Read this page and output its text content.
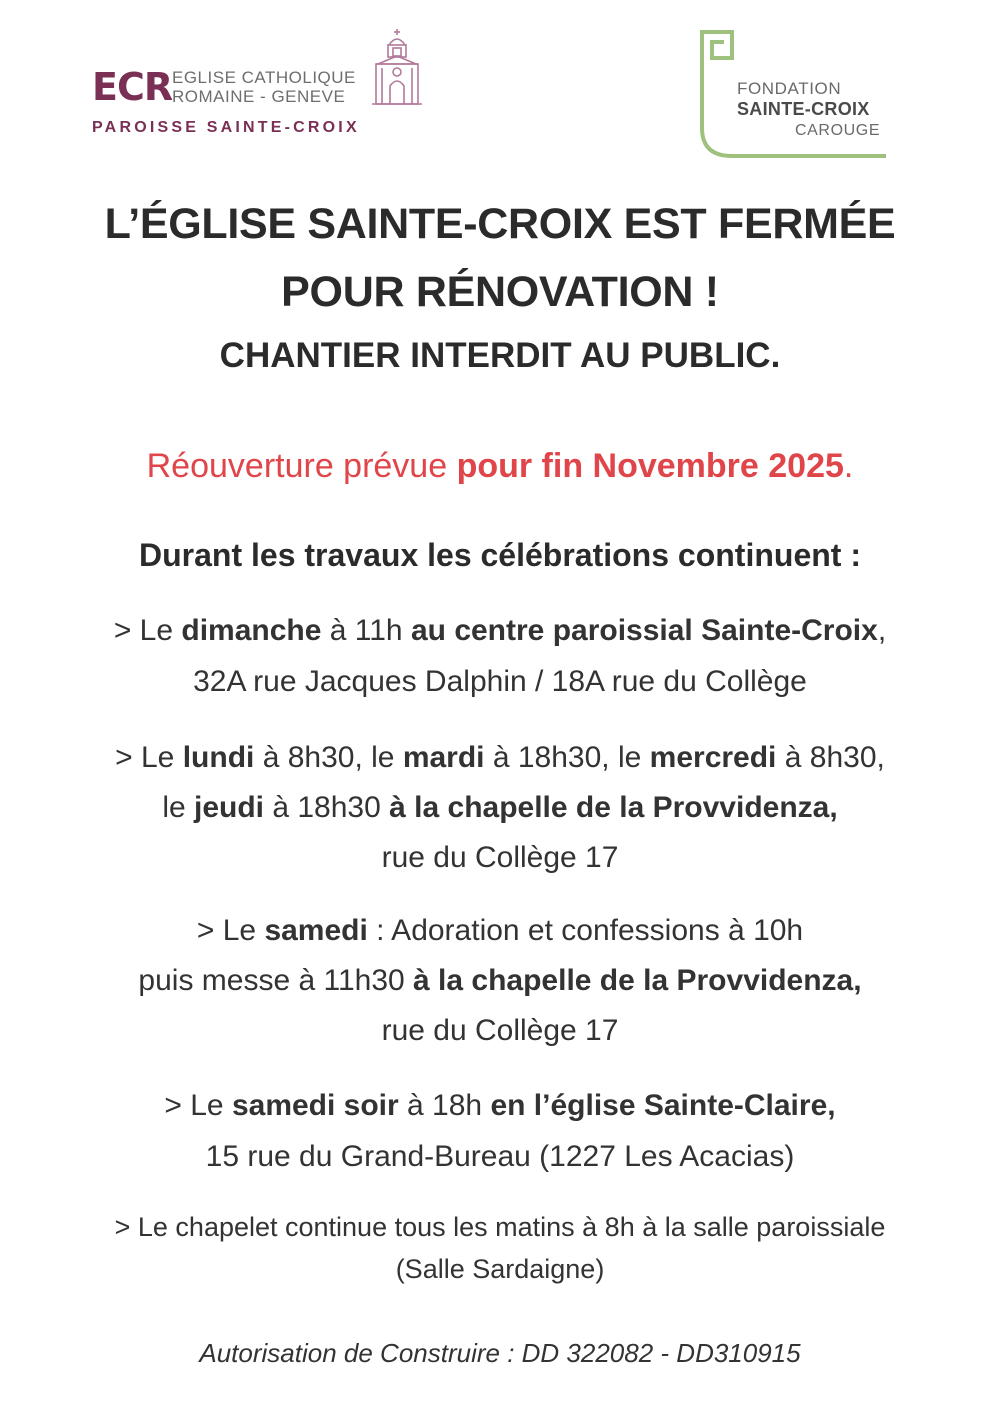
ECR EGLISE CATHOLIQUE
ROMAINE - GENEVE
PAROISSE SAINTE-CROIX
FONDATION
SAINTE-CROIX
CAROUGE
L’ÉGLISE SAINTE-CROIX EST FERMÉE
POUR RÉNOVATION !
CHANTIER INTERDIT AU PUBLIC.
Réouverture prévue pour fin Novembre 2025.
Durant les travaux les célébrations continuent :
> Le dimanche à 11h au centre paroissial Sainte-Croix,
32A rue Jacques Dalphin / 18A rue du Collège
> Le lundi à 8h30, le mardi à 18h30, le mercredi à 8h30,
le jeudi à 18h30 à la chapelle de la Provvidenza,
rue du Collège 17
> Le samedi : Adoration et confessions à 10h
puis messe à 11h30 à la chapelle de la Provvidenza,
rue du Collège 17
> Le samedi soir à 18h en l’église Sainte-Claire,
15 rue du Grand-Bureau (1227 Les Acacias)
> Le chapelet continue tous les matins à 8h à la salle paroissiale
(Salle Sardaigne)
Autorisation de Construire : DD 322082 - DD310915
